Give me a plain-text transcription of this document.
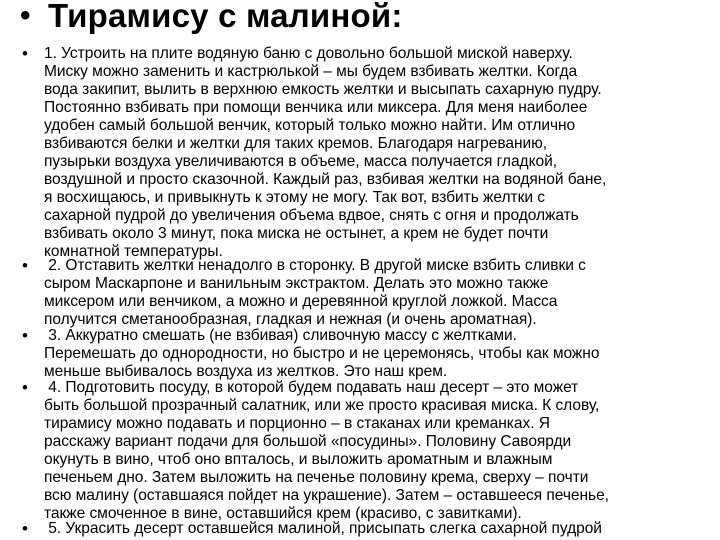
• Тирамису с малиной:
• 1. Устроить на плите водяную баню с довольно большой миской наверху.Миску можно заменить и кастрюлькой – мы будем взбивать желтки. Когдавода закипит, вылить в верхнюю емкость желтки и высыпать сахарную пудру.Постоянно взбивать при помощи венчика или миксера. Для меня наиболееудобен самый большой венчик, который только можно найти. Им отличновзбиваются белки и желтки для таких кремов. Благодаря нагреванию,пузырьки воздуха увеличиваются в объеме, масса получается гладкой,воздушной и просто сказочной. Каждый раз, взбивая желтки на водяной бане,я восхищаюсь, и привыкнуть к этому не могу. Так вот, взбить желтки ссахарной пудрой до увеличения объема вдвое, снять с огня и продолжатьвзбивать около 3 минут, пока миска не остынет, а крем не будет почтикомнатной температуры.
• 2. Отставить желтки ненадолго в сторонку. В другой миске взбить сливки ссыром Маскарпоне и ванильным экстрактом. Делать это можно такжемиксером или венчиком, а можно и деревянной круглой ложкой. Массаполучится сметанообразная, гладкая и нежная (и очень ароматная).
• 3. Аккуратно смешать (не взбивая) сливочную массу с желтками.Перемешать до однородности, но быстро и не церемонясь, чтобы как можноменьше выбивалось воздуха из желтков. Это наш крем.
• 4. Подготовить посуду, в которой будем подавать наш десерт – это можетбыть большой прозрачный салатник, или же просто красивая миска. К слову,тирамису можно подавать и порционно – в стаканах или креманках. Ярасскажу вариант подачи для большой «посудины». Половину Савоярдиокунуть в вино, чтоб оно впталось, и выложить ароматным и влажнымпеченьем дно. Затем выложить на печенье половину крема, сверху – почтивсю малину (оставшаяся пойдет на украшение). Затем – оставшееся печенье,также смоченное в вине, оставшийся крем (красиво, с завитками).
• 5. Украсить десерт оставшейся малиной, присыпать слегка сахарной пудрой
